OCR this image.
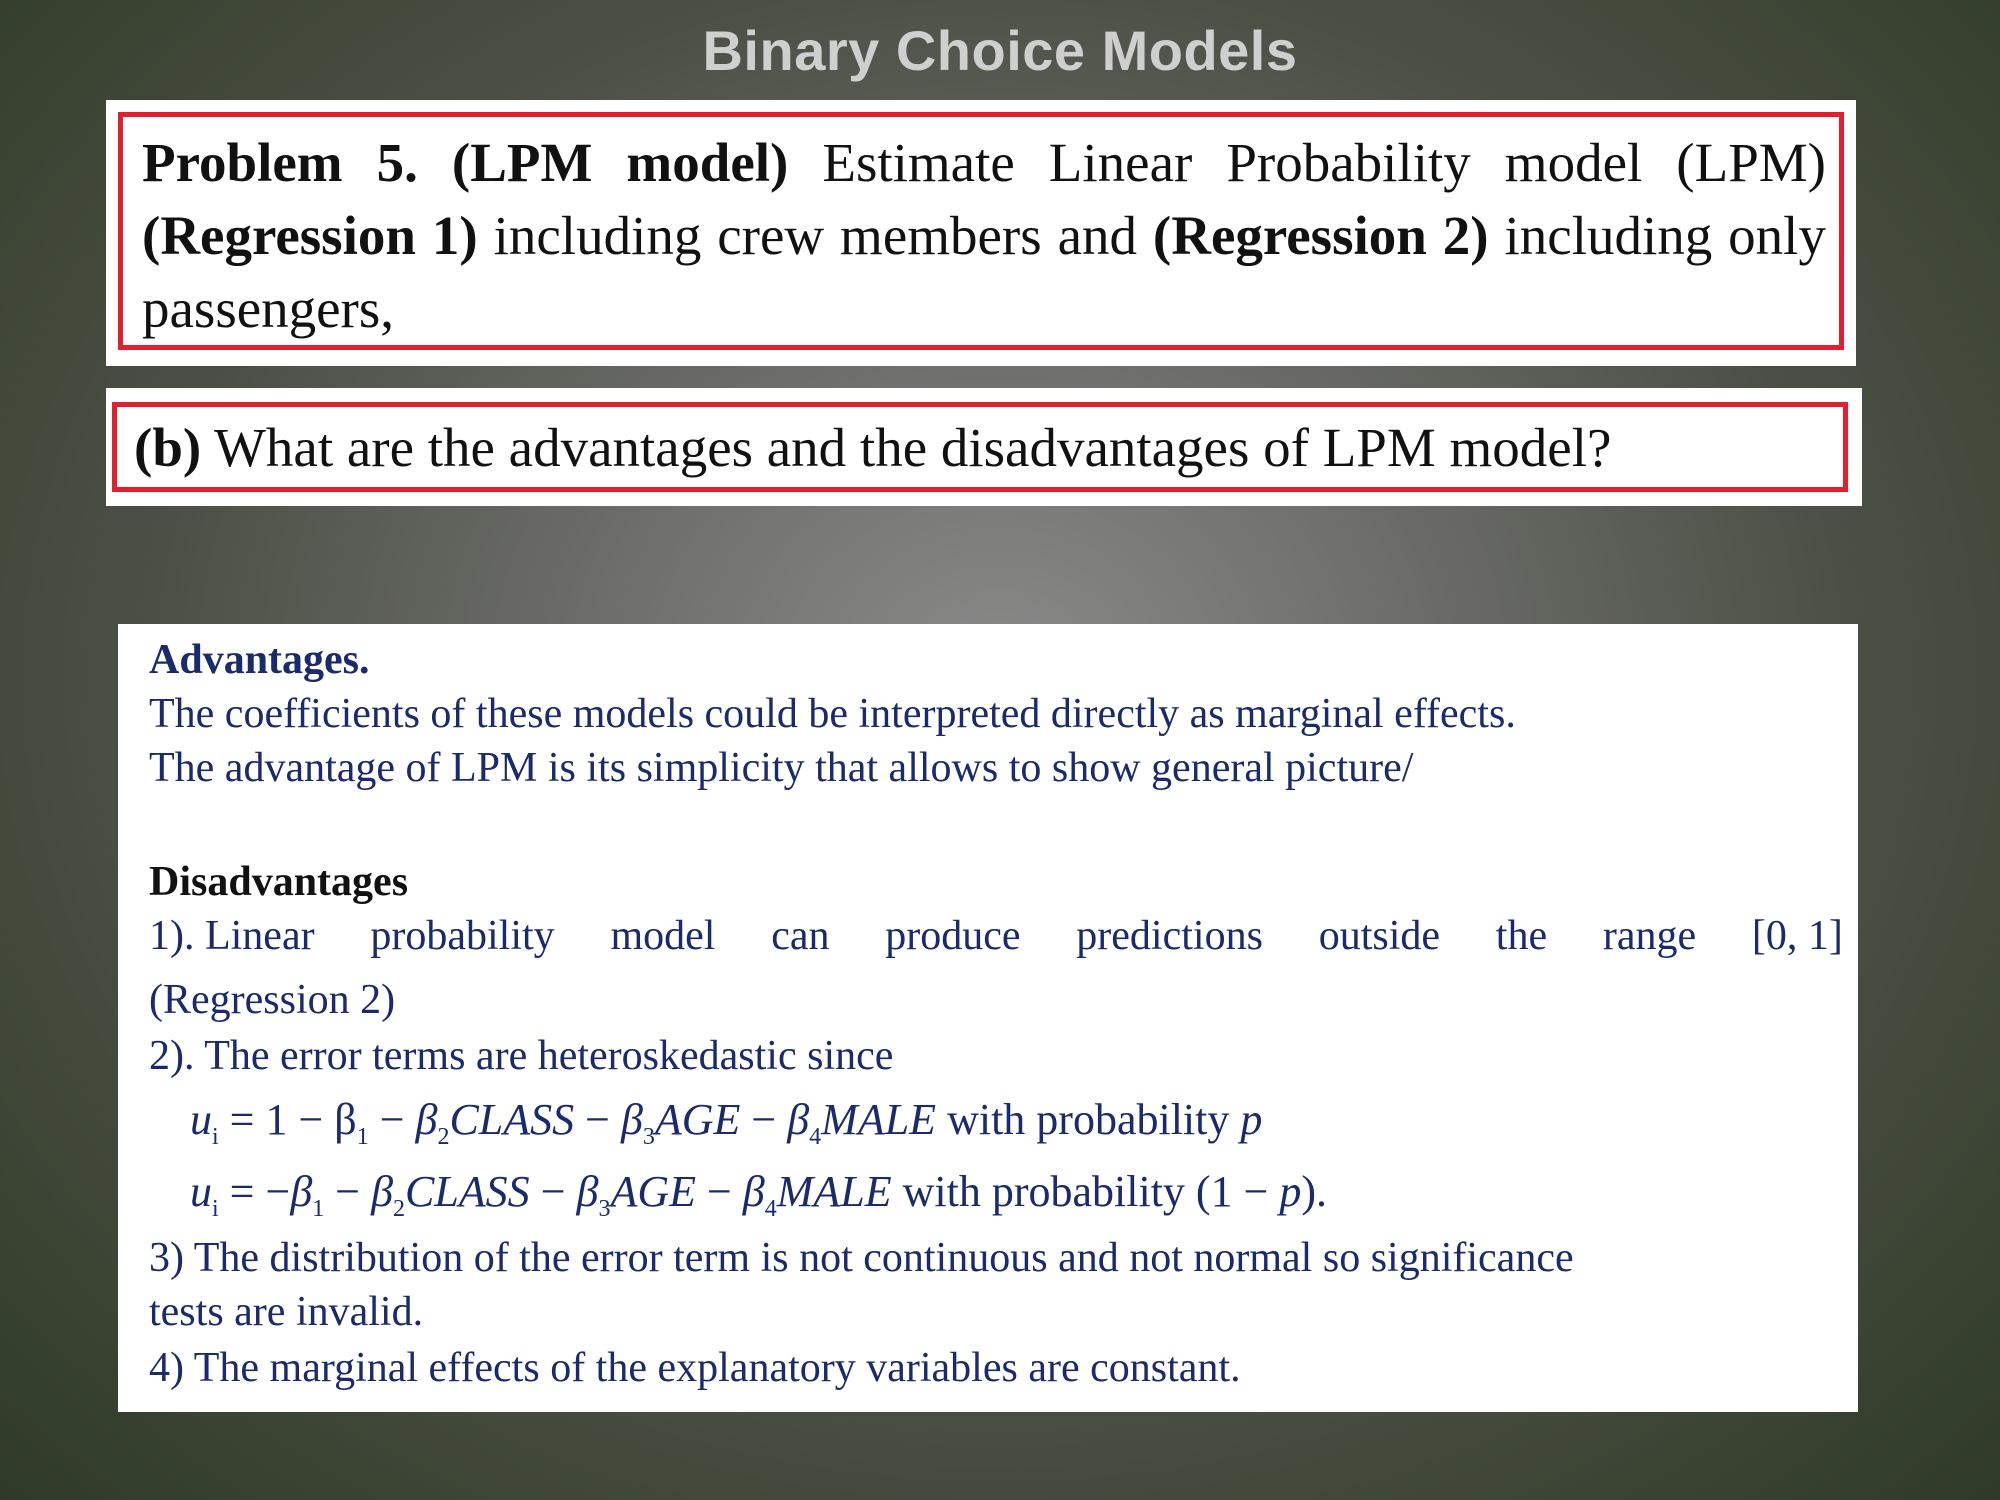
Binary Choice Models
Problem 5. (LPM model) Estimate Linear Probability model (LPM) (Regression 1) including crew members and (Regression 2) including only passengers,
(b) What are the advantages and the disadvantages of LPM model?
Advantages.
The coefficients of these models could be interpreted directly as marginal effects.
The advantage of LPM is its simplicity that allows to show general picture/
Disadvantages
1). Linear probability model can produce predictions outside the range [0, 1]
(Regression 2)
2). The error terms are heteroskedastic since
$u_i = 1 - \beta_1$ − $\beta_2CLASS - \beta_3AGE$ − $\beta_4MALE$ with probability p
$u_i = -\beta_1$ − $\beta_2CLASS - \beta_3AGE$ − $\beta_4MALE$ with probability (1 − p).
3) The distribution of the error term is not continuous and not normal so significance
tests are invalid.
4) The marginal effects of the explanatory variables are constant.
